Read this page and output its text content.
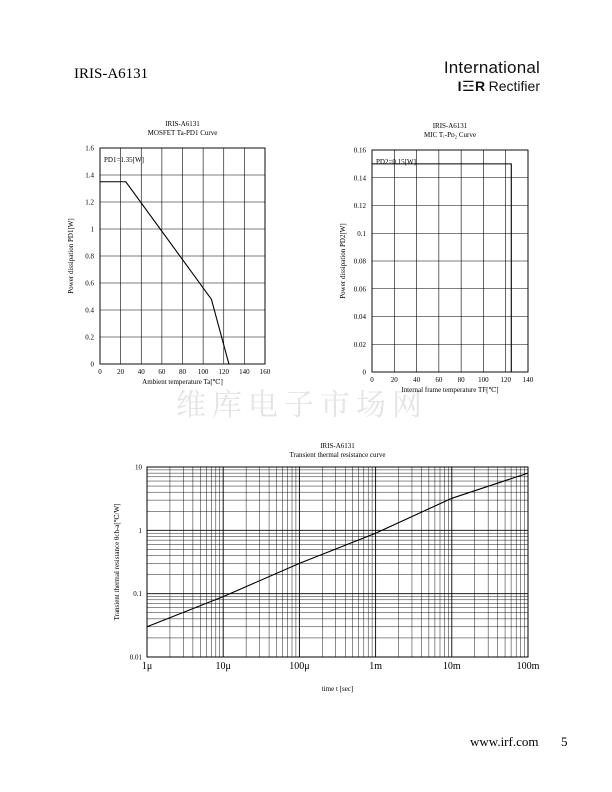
IRIS-A6131	International
I☲R Rectifier
维库电子市场网
IRIS-A6131
MOSFET Ta-PD1 Curve
0 20 40 60 80 100 120 140 160
0
0.2
0.4
0.6
0.8
1
1.2
1.4
1.6
Ambient temperature Ta[℃]
Power dissipation PD1[W]
PD1=1.35[W]
IRIS-A6131
MIC Tᵣ-Pᴅ₂ Curve
0 20 40 60 80 100 120 140
0
0.02
0.04
0.06
0.08
0.1
0.12
0.14
0.16
Internal frame temperature TF[℃]
Power dissipation PD2[W]
PD2=0.15[W]
IRIS-A6131
Transient thermal resistance curve
1μ	10μ	100μ	1m	10m	100m
0.01
0.1
1
10
time t [sec]
Transient thermal resistance θch-a[℃/W]
www.irf.com 5
